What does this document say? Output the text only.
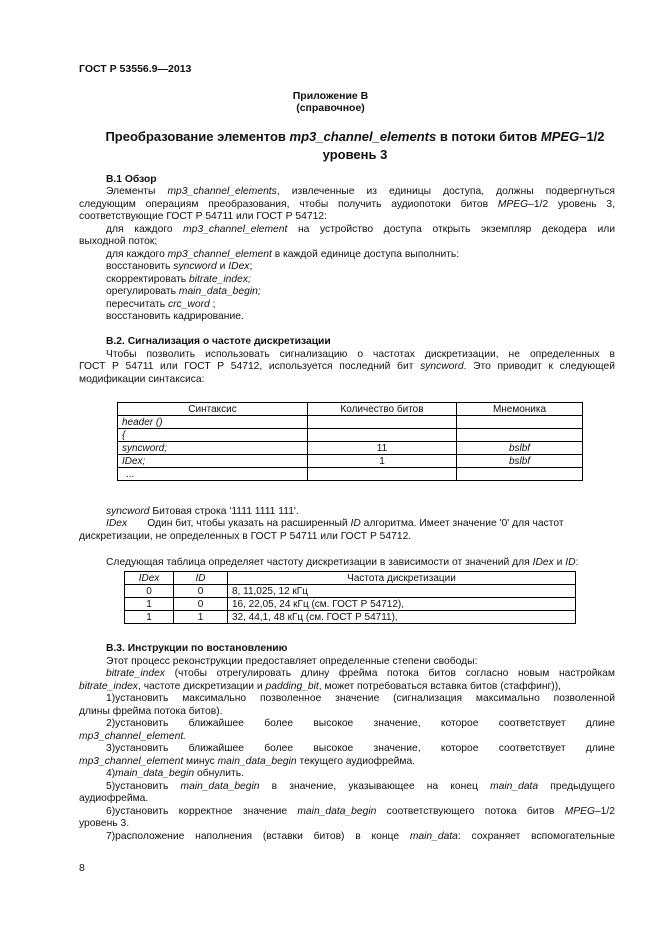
ГОСТ Р 53556.9—2013
Приложение В
(справочное)
Преобразование элементов mp3_channel_elements в потоки битов MPEG–1/2
уровень 3
В.1 Обзор
Элементы mp3_channel_elements, извлеченные из единицы доступа, должны подвергнуться
следующим операциям преобразования, чтобы получить аудиопотоки битов MPEG–1/2 уровень 3,
соответствующие ГОСТ Р 54711 или ГОСТ Р 54712:
для каждого mp3_channel_element на устройство доступа открыть экземпляр декодера или
выходной поток;
для каждого mp3_channel_element в каждой единице доступа выполнить:
восстановить syncword и IDex;
скорректировать bitrate_index;
орегулировать main_data_begin;
пересчитать crc_word ;
восстановить кадрирование.
В.2. Сигнализация о частоте дискретизации
Чтобы позволить использовать сигнализацию о частотах дискретизации, не определенных в
ГОСТ Р 54711 или ГОСТ Р 54712, используется последний бит syncword. Это приводит к следующей
модификации синтаксиса:
Синтаксис	Количество битов	Мнемоника
header ()		
{		
syncword;	11	bslbf
IDex;	1	bslbf
...		
syncword Битовая строка '1111 1111 111'.
IDex Один бит, чтобы указать на расширенный ID алгоритма. Имеет значение '0' для частот
дискретизации, не определенных в ГОСТ Р 54711 или ГОСТ Р 54712.
Следующая таблица определяет частоту дискретизации в зависимости от значений для IDex и ID:
IDex	ID	Частота дискретизации
0	0	8, 11,025, 12 кГц
1	0	16, 22,05, 24 кГц (см. ГОСТ Р 54712),
1	1	32, 44,1, 48 кГц (см. ГОСТ Р 54711),
В.3. Инструкции по востановлению
Этот процесс реконструкции предоставляет определенные степени свободы:
bitrate_index (чтобы отрегулировать длину фрейма потока битов согласно новым настройкам
bitrate_index, частоте дискретизации и padding_bit, может потребоваться вставка битов (стаффинг)),
1)установить максимально позволенное значение (сигнализация максимально позволенной
длины фрейма потока битов).
2)установить ближайшее более высокое значение, которое соответствует длине
mp3_channel_element.
3)установить ближайшее более высокое значение, которое соответствует длине
mp3_channel_element минус main_data_begin текущего аудиофрейма.
4)main_data_begin обнулить.
5)установить main_data_begin в значение, указывающее на конец main_data предыдущего
аудиофрейма.
6)установить корректное значение main_data_begin соответствующего потока битов MPEG–1/2
уровень 3.
7)расположение наполнения (вставки битов) в конце main_data: сохраняет вспомогательные
8
